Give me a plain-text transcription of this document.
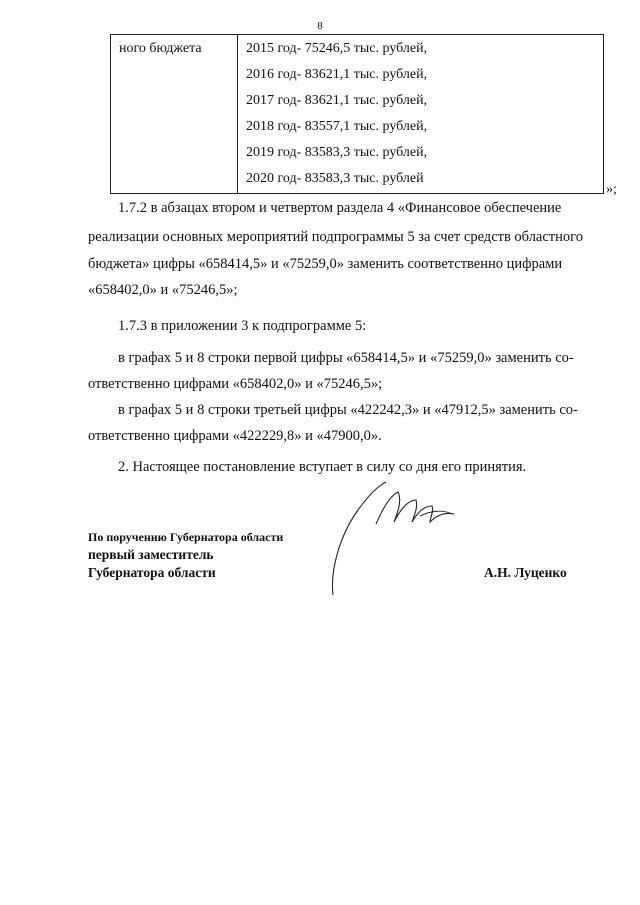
8
ного бюджета	2015 год- 75246,5 тыс. рублей,
2016 год- 83621,1 тыс. рублей,
2017 год- 83621,1 тыс. рублей,
2018 год- 83557,1 тыс. рублей,
2019 год- 83583,3 тыс. рублей,
2020 год- 83583,3 тыс. рублей
»;
1.7.2 в абзацах втором и четвертом раздела 4 «Финансовое обеспечение
реализации основных мероприятий подпрограммы 5 за счет средств областного
бюджета» цифры «658414,5» и «75259,0» заменить соответственно цифрами
«658402,0» и «75246,5»;
1.7.3 в приложении 3 к подпрограмме 5:
в графах 5 и 8 строки первой цифры «658414,5» и «75259,0» заменить со-
ответственно цифрами «658402,0» и «75246,5»;
в графах 5 и 8 строки третьей цифры «422242,3» и «47912,5» заменить со-
ответственно цифрами «422229,8» и «47900,0».
2. Настоящее постановление вступает в силу со дня его принятия.
По поручению Губернатора области
первый заместитель
Губернатора области	А.Н. Луценко
